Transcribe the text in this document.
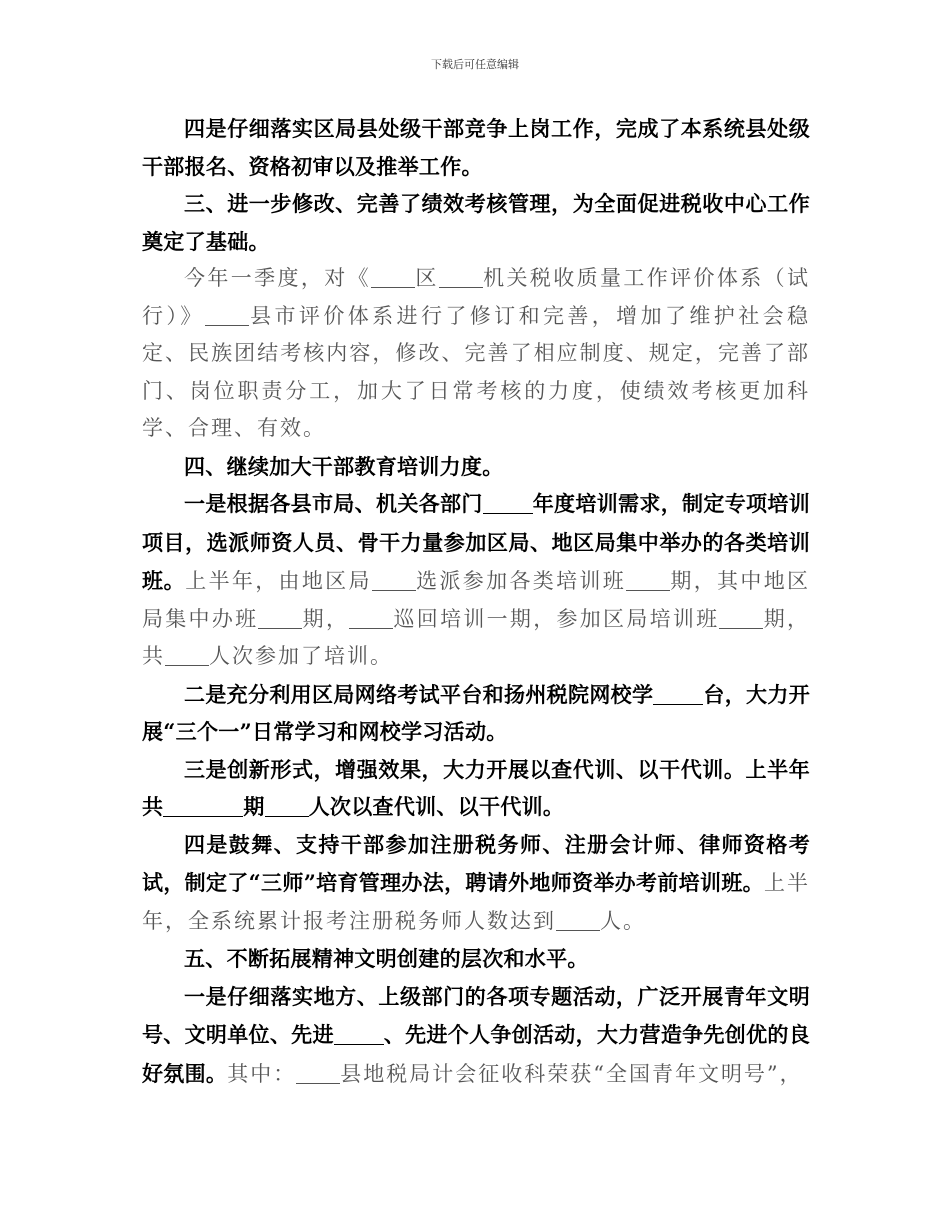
下载后可任意编辑

四是仔细落实区局县处级干部竞争上岗工作，完成了本系统县处级干部报名、资格初审以及推举工作。

三、进一步修改、完善了绩效考核管理，为全面促进税收中心工作奠定了基础。

今年一季度，对《 区 机关税收质量工作评价体系（试行）》 县市评价体系进行了修订和完善，增加了维护社会稳定、民族团结考核内容，修改、完善了相应制度、规定，完善了部门、岗位职责分工，加大了日常考核的力度，使绩效考核更加科学、合理、有效。

四、继续加大干部教育培训力度。

一是根据各县市局、机关各部门 年度培训需求，制定专项培训项目，选派师资人员、骨干力量参加区局、地区局集中举办的各类培训班。上半年，由地区局 选派参加各类培训班 期，其中地区局集中办班 期， 巡回培训一期，参加区局培训班 期，共 人次参加了培训。

二是充分利用区局网络考试平台和扬州税院网校学 台，大力开展“三个一”日常学习和网校学习活动。

三是创新形式，增强效果，大力开展以查代训、以干代训。上半年共	期 人次以查代训、以干代训。

四是鼓舞、支持干部参加注册税务师、注册会计师、律师资格考试，制定了“三师”培育管理办法，聘请外地师资举办考前培训班。上半年，全系统累计报考注册税务师人数达到 人。

五、不断拓展精神文明创建的层次和水平。

一是仔细落实地方、上级部门的各项专题活动，广泛开展青年文明号、文明单位、先进 、先进个人争创活动，大力营造争先创优的良好氛围。其中： 县地税局计会征收科荣获“全国青年文明号”，
